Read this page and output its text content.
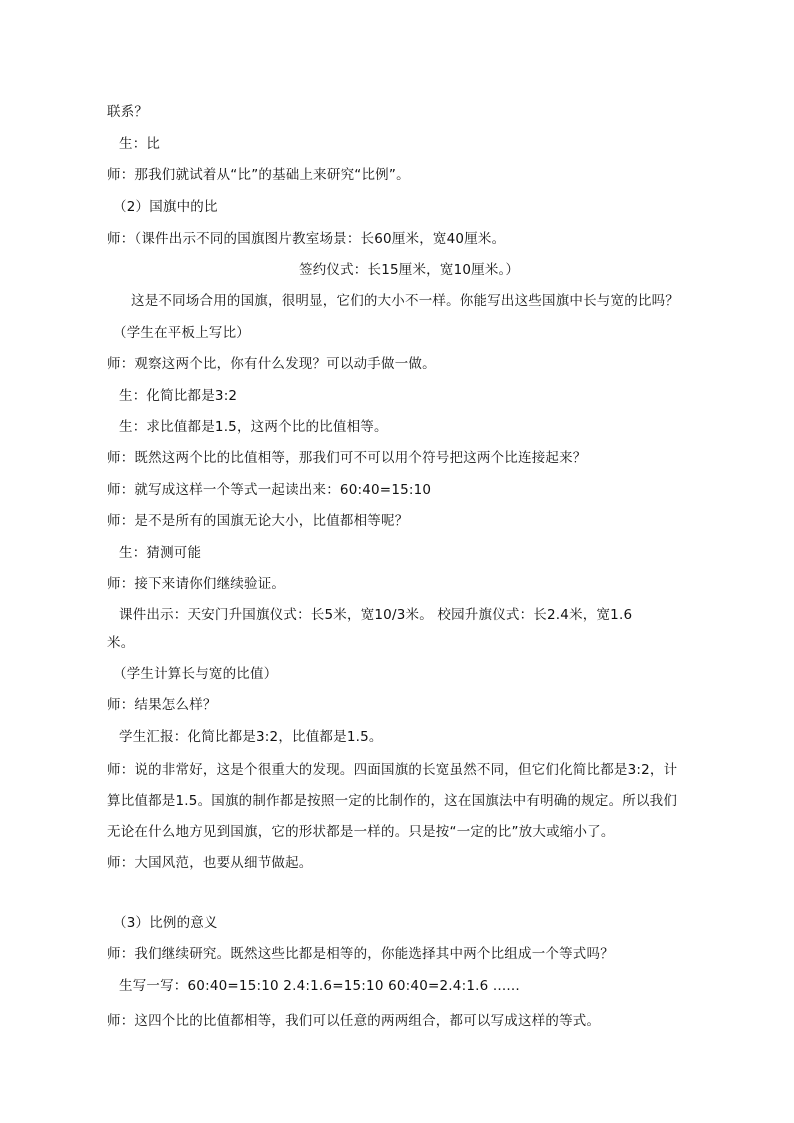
联系？
生：比
师：那我们就试着从“比”的基础上来研究“比例”。
（2）国旗中的比
师：（课件出示不同的国旗图片教室场景：长60厘米，宽40厘米。
签约仪式：长15厘米，宽10厘米。）
这是不同场合用的国旗，很明显，它们的大小不一样。你能写出这些国旗中长与宽的比吗？
（学生在平板上写比）
师：观察这两个比，你有什么发现？可以动手做一做。
生：化简比都是3:2
生：求比值都是1.5，这两个比的比值相等。
师：既然这两个比的比值相等，那我们可不可以用个符号把这两个比连接起来？
师：就写成这样一个等式一起读出来：60:40=15:10
师：是不是所有的国旗无论大小，比值都相等呢？
生：猜测可能
师：接下来请你们继续验证。
课件出示：天安门升国旗仪式：长5米，宽10/3米。 校园升旗仪式：长2.4米，宽1.6
米。
（学生计算长与宽的比值）
师：结果怎么样？
学生汇报：化简比都是3:2，比值都是1.5。
师：说的非常好，这是个很重大的发现。四面国旗的长宽虽然不同，但它们化简比都是3:2，计
算比值都是1.5。国旗的制作都是按照一定的比制作的，这在国旗法中有明确的规定。所以我们
无论在什么地方见到国旗，它的形状都是一样的。只是按“一定的比”放大或缩小了。
师：大国风范，也要从细节做起。
（3）比例的意义
师：我们继续研究。既然这些比都是相等的，你能选择其中两个比组成一个等式吗？
生写一写：60:40=15:10 2.4:1.6=15:10 60:40=2.4:1.6 ......
师：这四个比的比值都相等，我们可以任意的两两组合，都可以写成这样的等式。
